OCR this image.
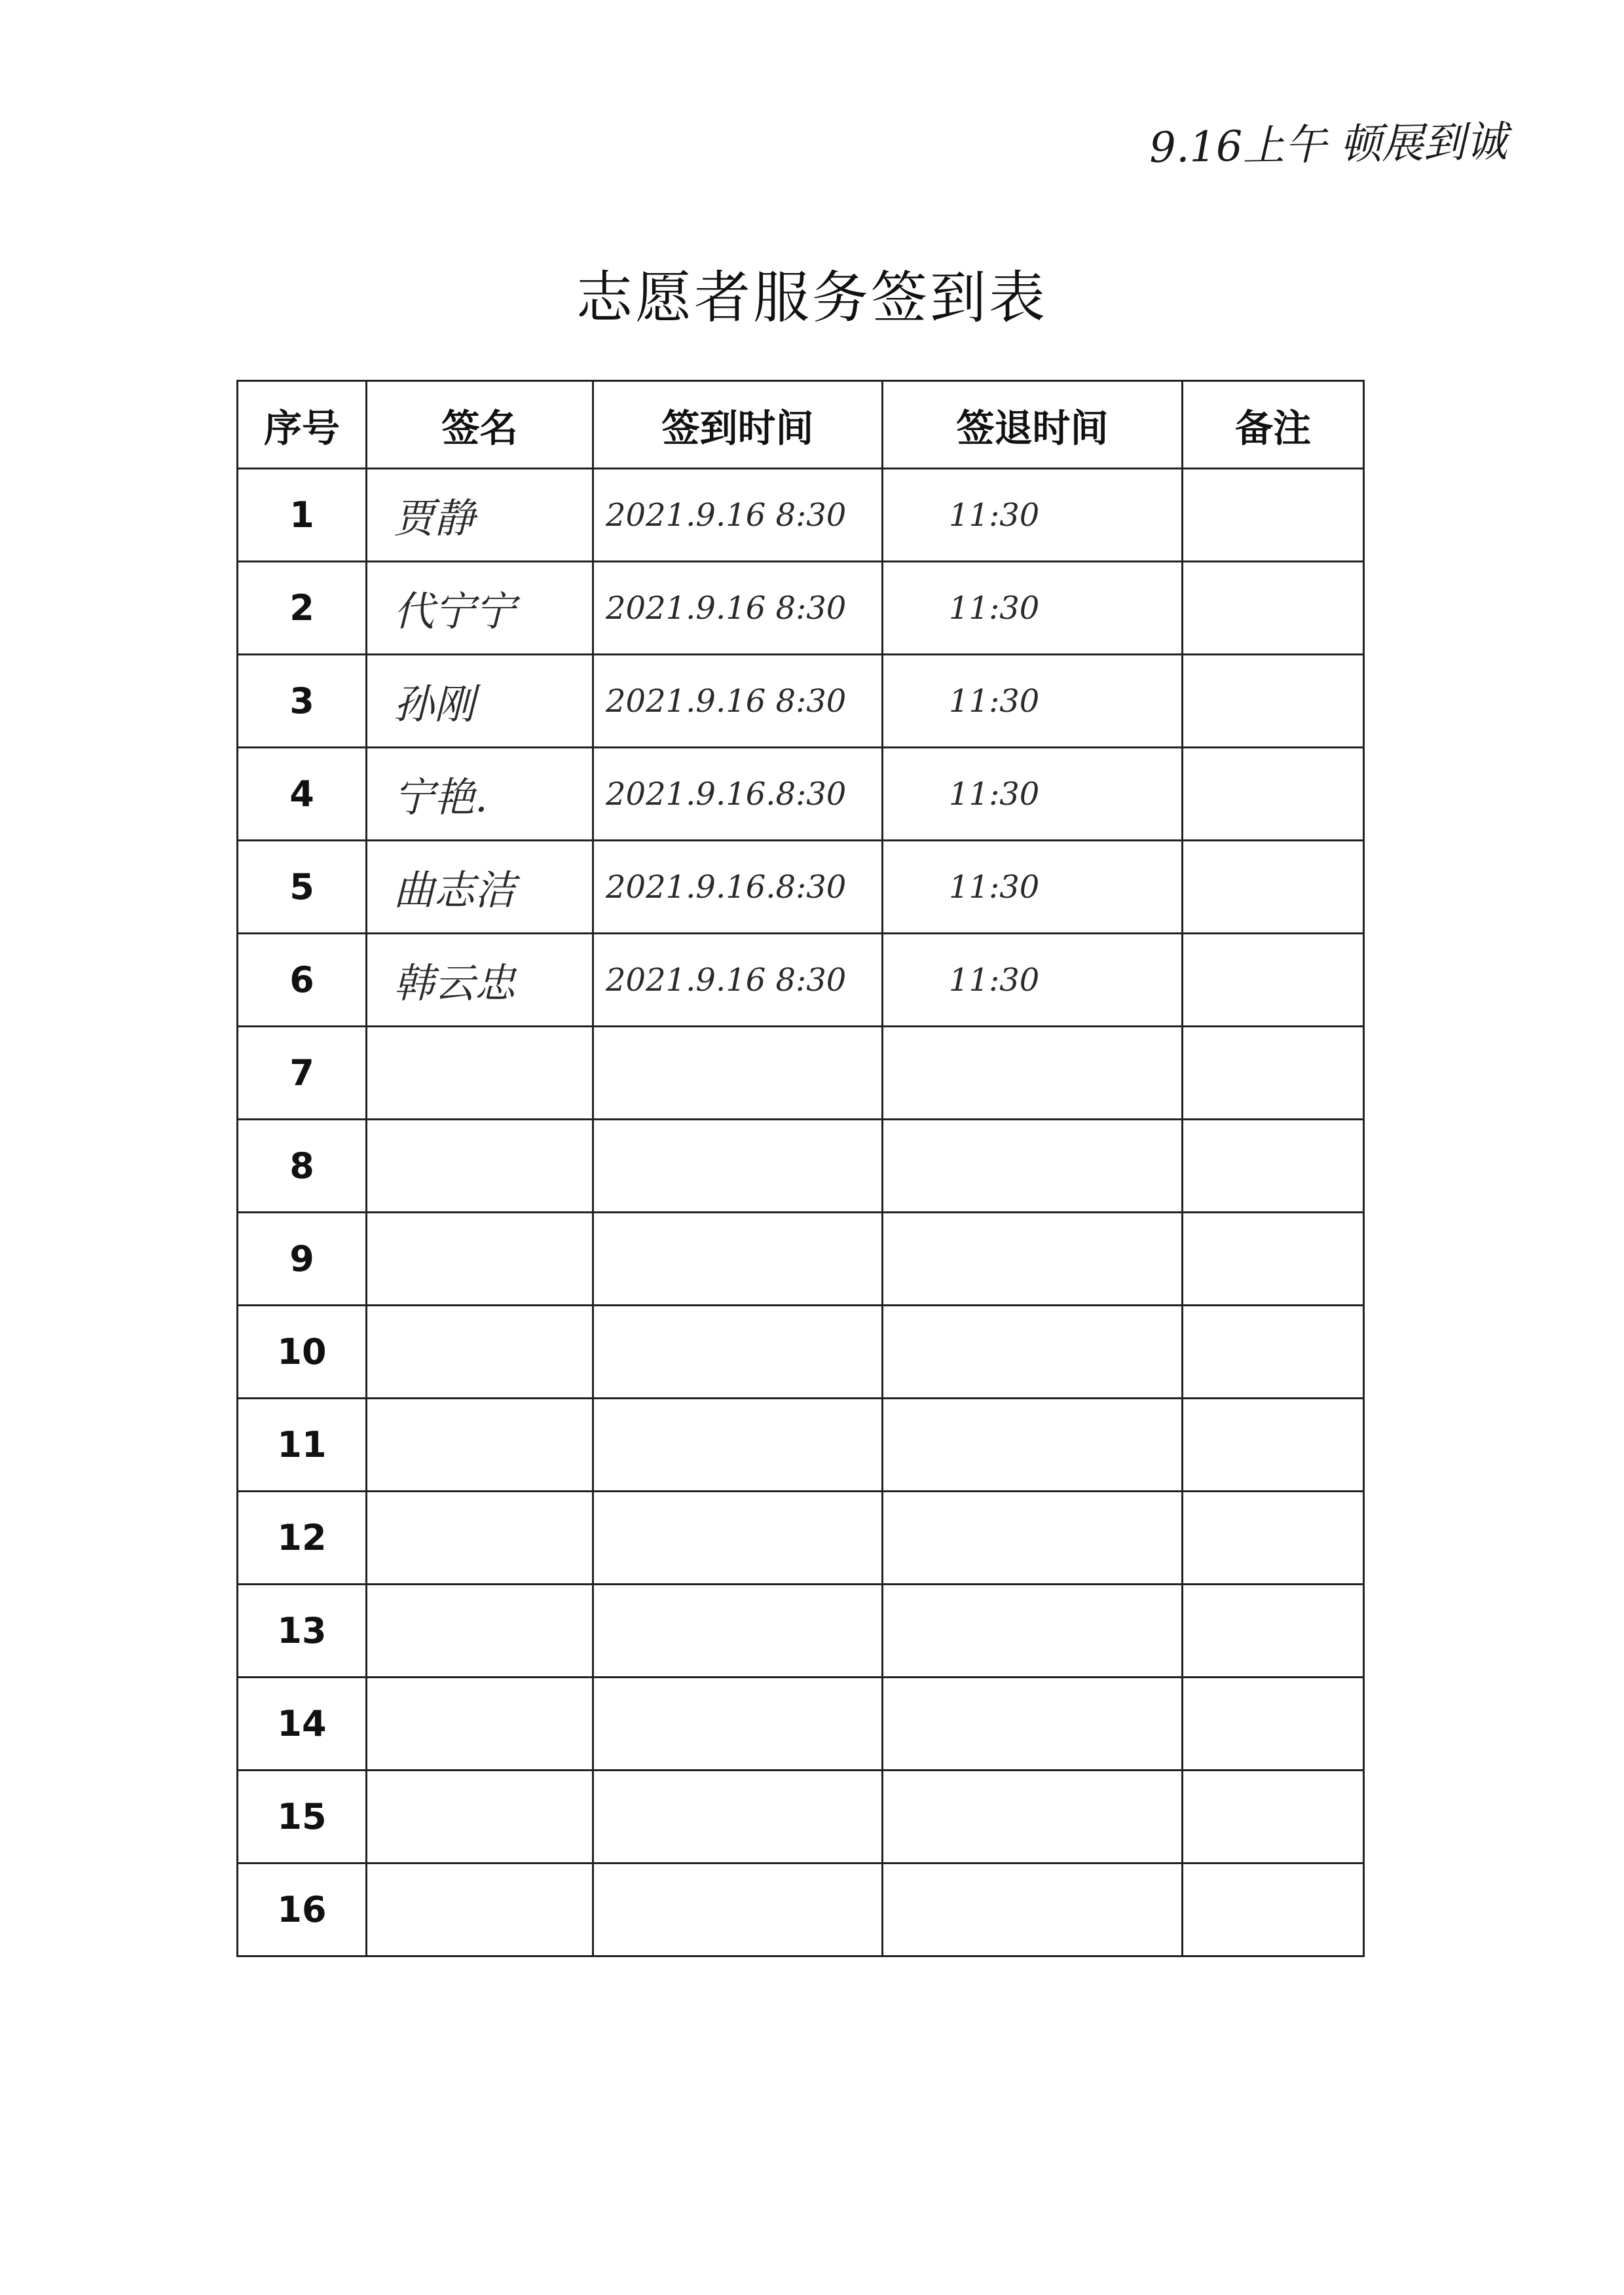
9.16上午 顿展到诚
志愿者服务签到表
序号	签名	签到时间	签退时间	备注
1	贾静	2021.9.16 8:30	11:30	
2	代宁宁	2021.9.16 8:30	11:30	
3	孙刚	2021.9.16 8:30	11:30	
4	宁艳.	2021.9.16.8:30	11:30	
5	曲志洁	2021.9.16.8:30	11:30	
6	韩云忠	2021.9.16 8:30	11:30	
7				
8				
9				
10				
11				
12				
13				
14				
15				
16				
